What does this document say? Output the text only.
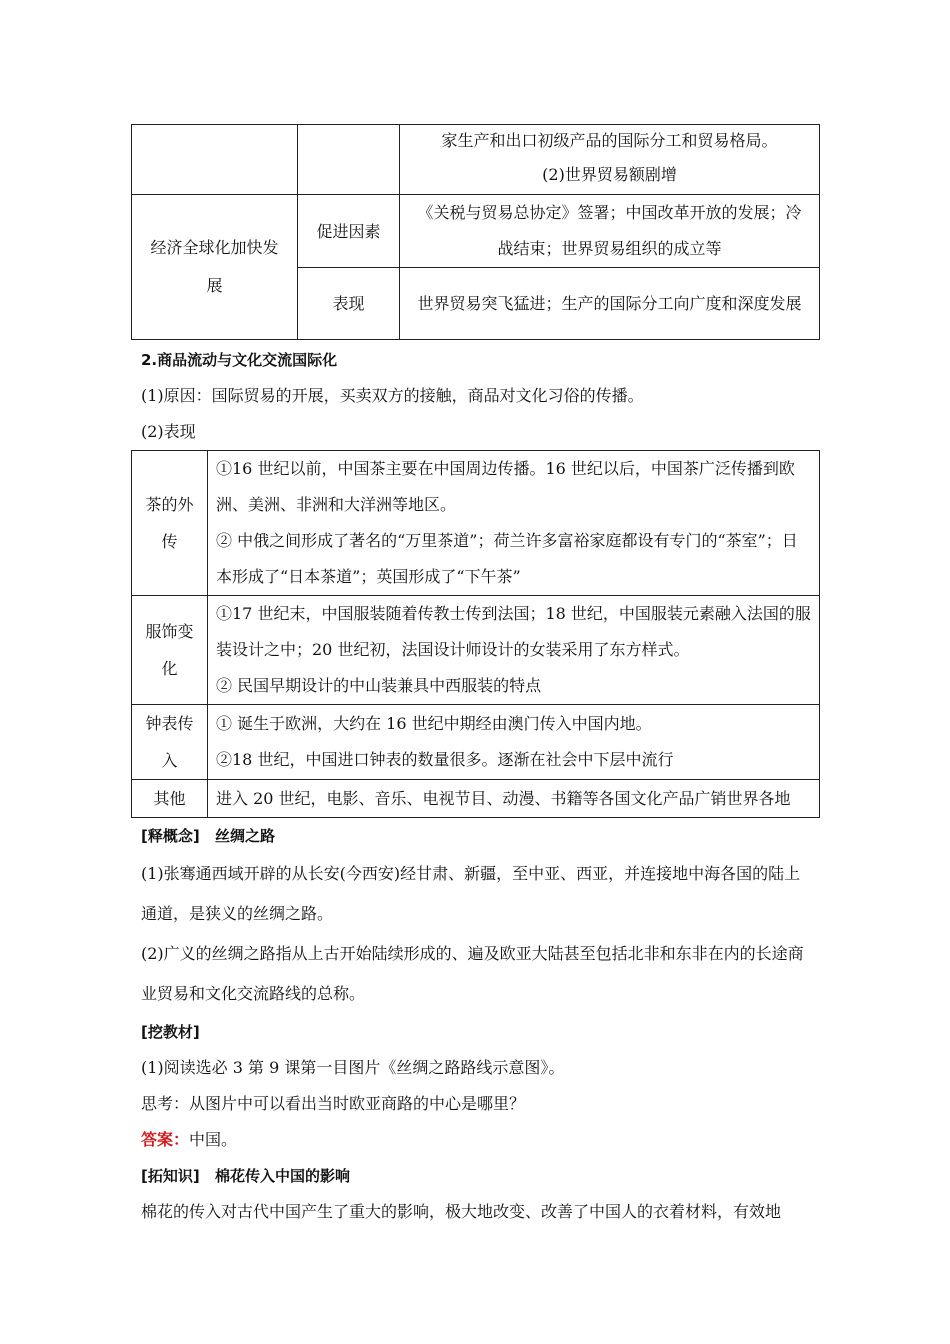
		家生产和出口初级产品的国际分工和贸易格局。
(2)世界贸易额剧增

经济全球化加快发展	促进因素	《关税与贸易总协定》签署；中国改革开放的发展；冷战结束；世界贸易组织的成立等
	表现	世界贸易突飞猛进；生产的国际分工向广度和深度发展

2.商品流动与文化交流国际化

(1)原因：国际贸易的开展，买卖双方的接触，商品对文化习俗的传播。

(2)表现

茶的外传	①16 世纪以前，中国茶主要在中国周边传播。16 世纪以后，中国茶广泛传播到欧洲、美洲、非洲和大洋洲等地区。
② 中俄之间形成了著名的“万里茶道”；荷兰许多富裕家庭都设有专门的“茶室”；日本形成了“日本茶道”；英国形成了“下午茶”

服饰变化	①17 世纪末，中国服装随着传教士传到法国；18 世纪，中国服装元素融入法国的服装设计之中；20 世纪初，法国设计师设计的女装采用了东方样式。
② 民国早期设计的中山装兼具中西服装的特点

钟表传入	① 诞生于欧洲，大约在 16 世纪中期经由澳门传入中国内地。
②18 世纪，中国进口钟表的数量很多。逐渐在社会中下层中流行

其他	进入 20 世纪，电影、音乐、电视节目、动漫、书籍等各国文化产品广销世界各地

[释概念] 丝绸之路

(1)张骞通西域开辟的从长安(今西安)经甘肃、新疆，至中亚、西亚，并连接地中海各国的陆上通道，是狭义的丝绸之路。

(2)广义的丝绸之路指从上古开始陆续形成的、遍及欧亚大陆甚至包括北非和东非在内的长途商业贸易和文化交流路线的总称。

[挖教材]

(1)阅读选必 3 第 9 课第一目图片《丝绸之路路线示意图》。

思考：从图片中可以看出当时欧亚商路的中心是哪里？

答案：中国。

[拓知识] 棉花传入中国的影响

棉花的传入对古代中国产生了重大的影响，极大地改变、改善了中国人的衣着材料，有效地
